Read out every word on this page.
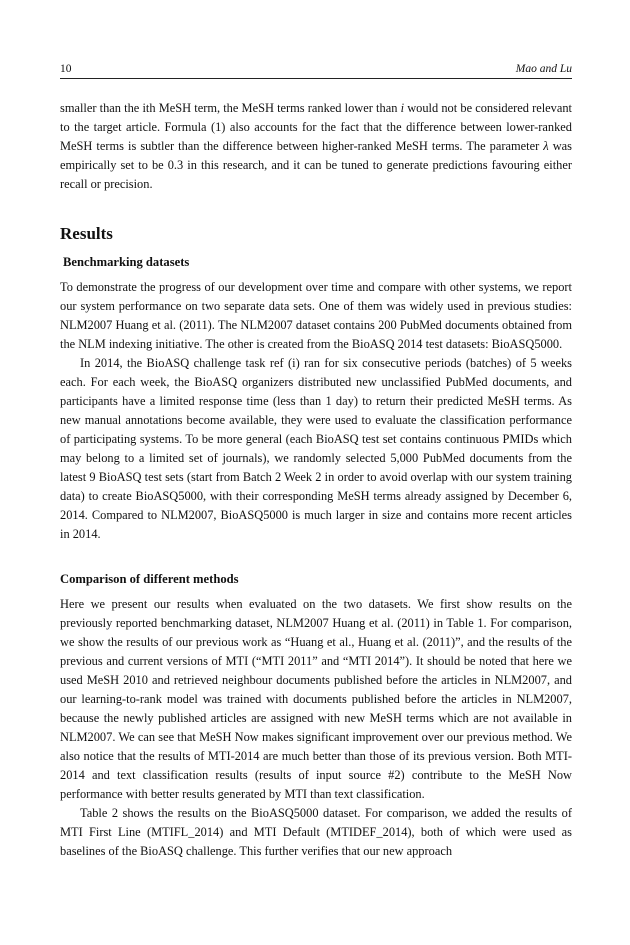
10	Mao and Lu

smaller than the ith MeSH term, the MeSH terms ranked lower than i would not be considered relevant to the target article. Formula (1) also accounts for the fact that the difference between lower-ranked MeSH terms is subtler than the difference between higher-ranked MeSH terms. The parameter λ was empirically set to be 0.3 in this research, and it can be tuned to generate predictions favouring either recall or precision.

Results
Benchmarking datasets

To demonstrate the progress of our development over time and compare with other systems, we report our system performance on two separate data sets. One of them was widely used in previous studies: NLM2007 Huang et al. (2011). The NLM2007 dataset contains 200 PubMed documents obtained from the NLM indexing initiative. The other is created from the BioASQ 2014 test datasets: BioASQ5000.

In 2014, the BioASQ challenge task ref (i) ran for six consecutive periods (batches) of 5 weeks each. For each week, the BioASQ organizers distributed new unclassified PubMed documents, and participants have a limited response time (less than 1 day) to return their predicted MeSH terms. As new manual annotations become available, they were used to evaluate the classification performance of participating systems. To be more general (each BioASQ test set contains continuous PMIDs which may belong to a limited set of journals), we randomly selected 5,000 PubMed documents from the latest 9 BioASQ test sets (start from Batch 2 Week 2 in order to avoid overlap with our system training data) to create BioASQ5000, with their corresponding MeSH terms already assigned by December 6, 2014. Compared to NLM2007, BioASQ5000 is much larger in size and contains more recent articles in 2014.

Comparison of different methods

Here we present our results when evaluated on the two datasets. We first show results on the previously reported benchmarking dataset, NLM2007 Huang et al. (2011) in Table 1. For comparison, we show the results of our previous work as “Huang et al., Huang et al. (2011)”, and the results of the previous and current versions of MTI (“MTI 2011” and “MTI 2014”). It should be noted that here we used MeSH 2010 and retrieved neighbour documents published before the articles in NLM2007, and our learning-to-rank model was trained with documents published before the articles in NLM2007, because the newly published articles are assigned with new MeSH terms which are not available in NLM2007. We can see that MeSH Now makes significant improvement over our previous method. We also notice that the results of MTI-2014 are much better than those of its previous version. Both MTI-2014 and text classification results (results of input source #2) contribute to the MeSH Now performance with better results generated by MTI than text classification.

Table 2 shows the results on the BioASQ5000 dataset. For comparison, we added the results of MTI First Line (MTIFL_2014) and MTI Default (MTIDEF_2014), both of which were used as baselines of the BioASQ challenge. This further verifies that our new approach
